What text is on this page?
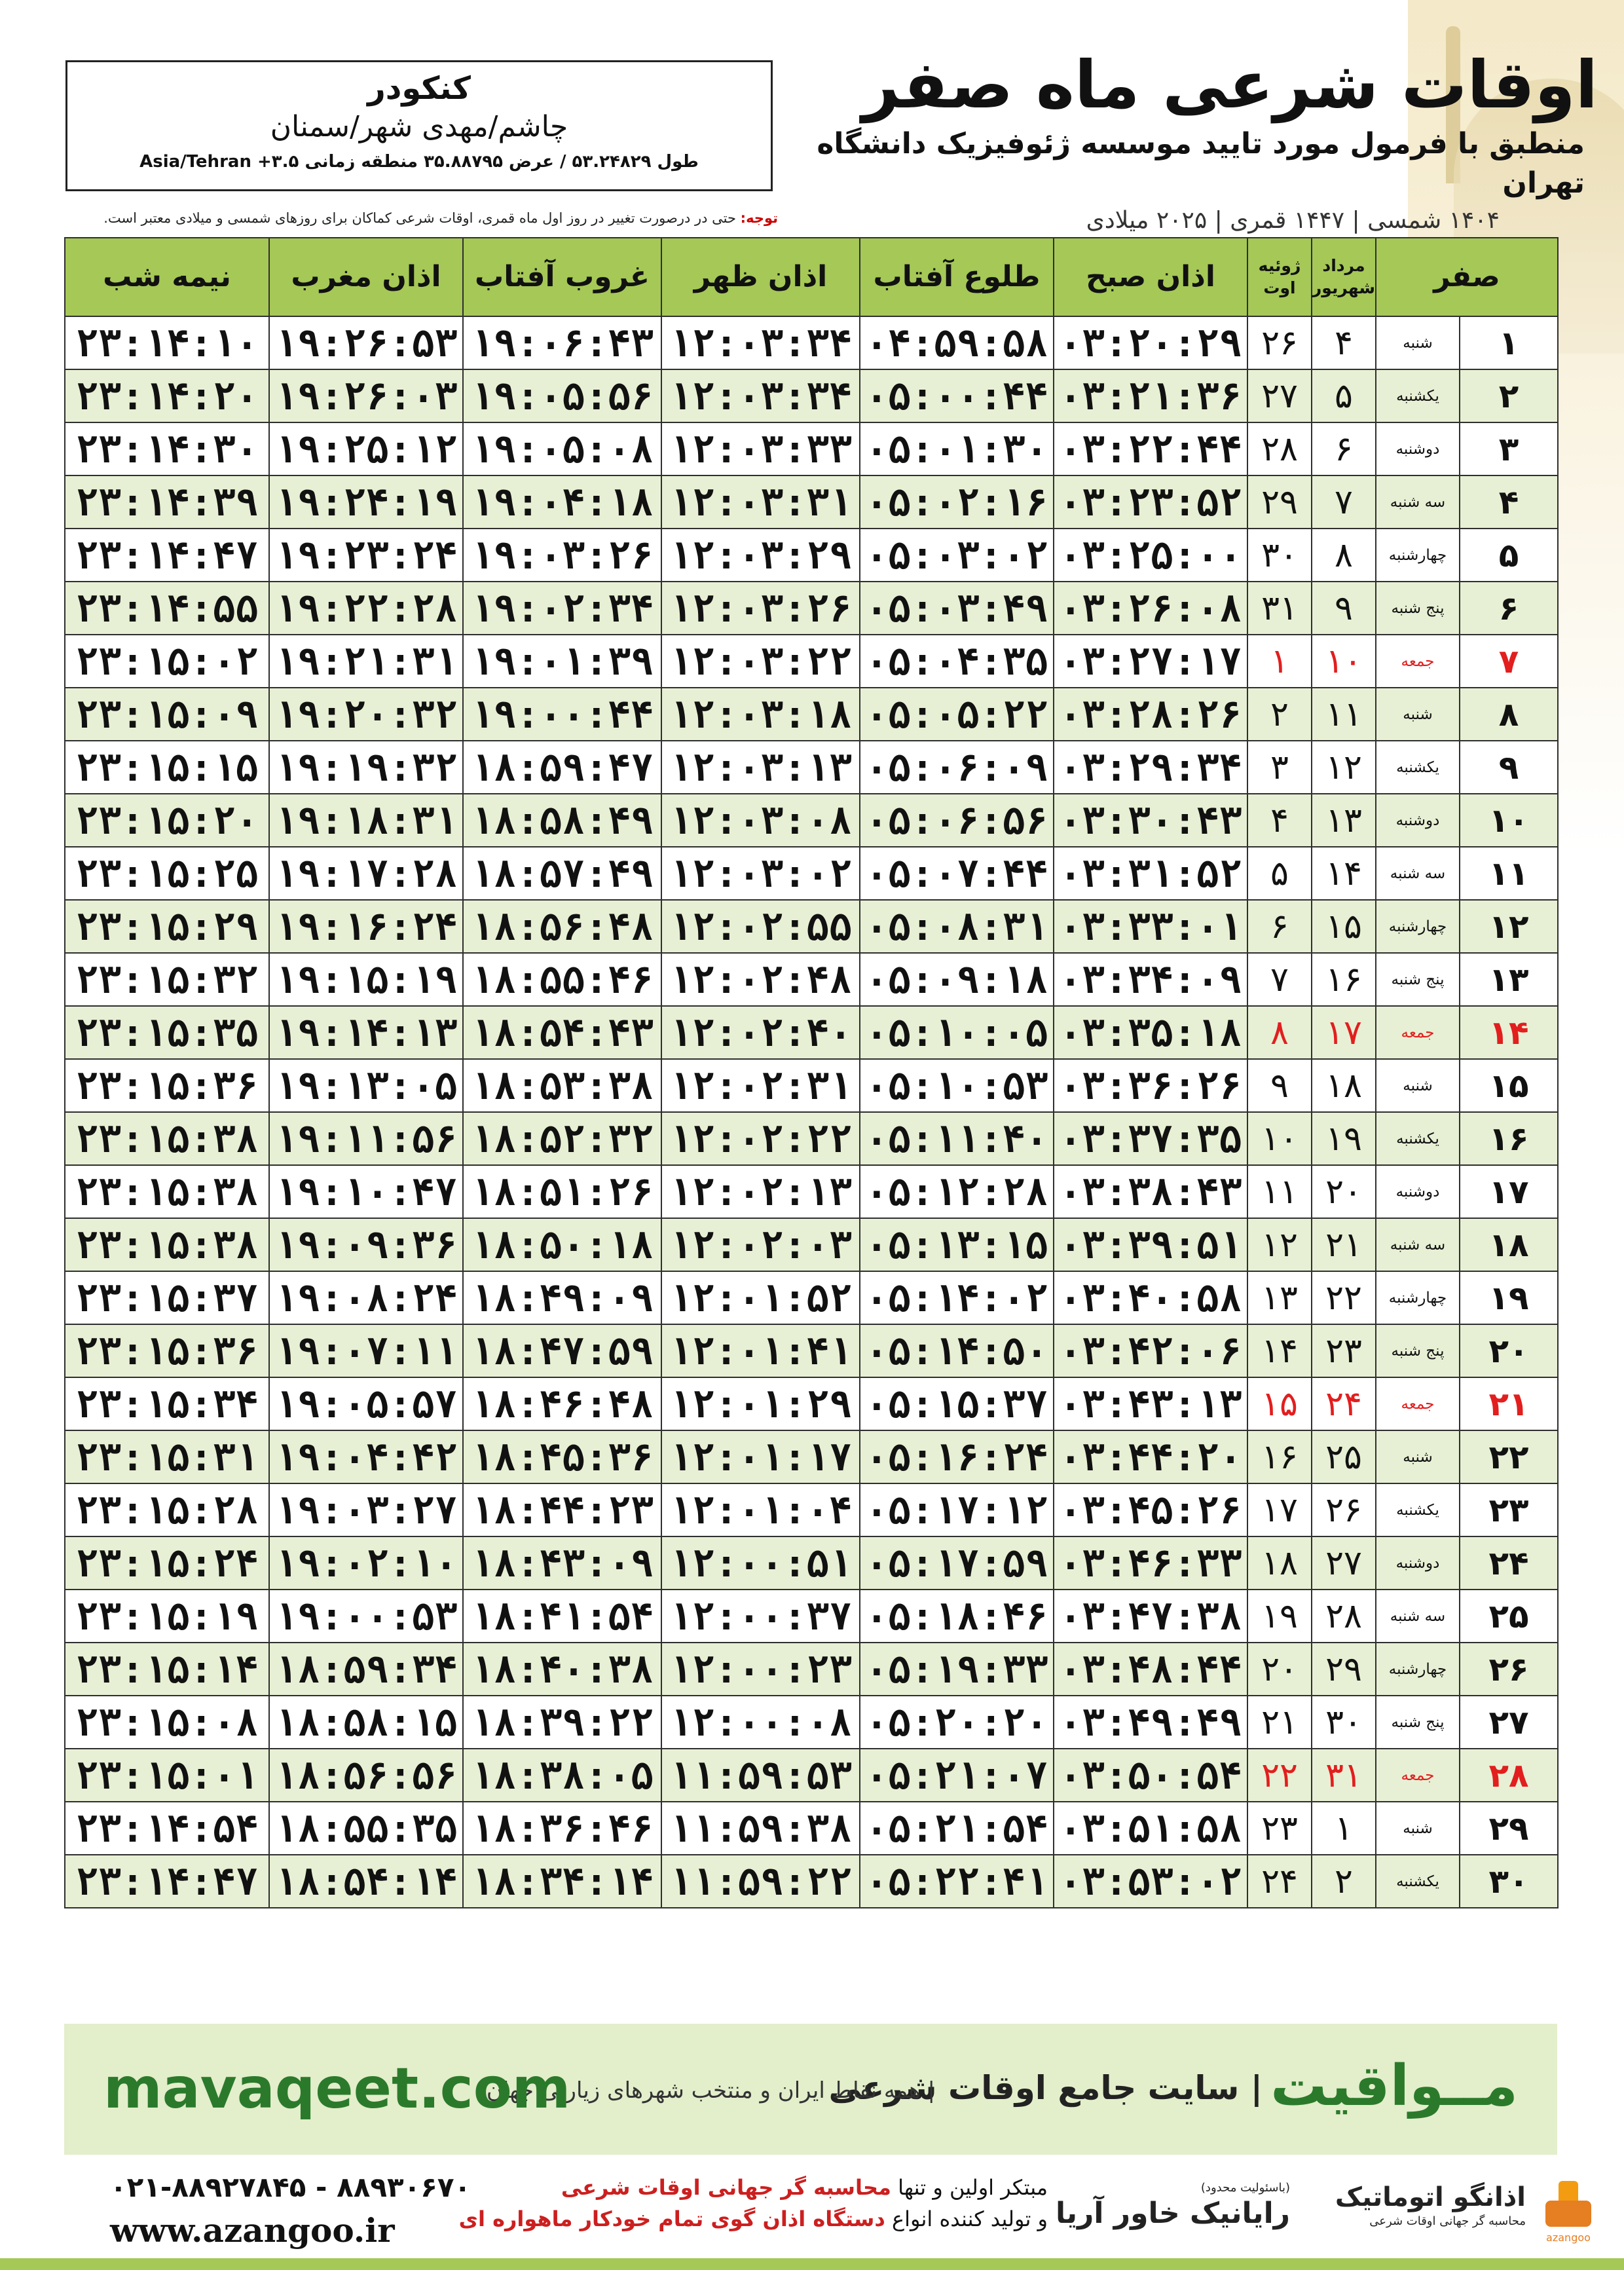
کنکودر
چاشم/مهدی شهر/سمنان
طول ۵۳.۲۴۸۲۹ / عرض ۳۵.۸۸۷۹۵ منطقه زمانی Asia/Tehran +۳.۵
اوقات شرعی ماه صفر
منطبق با فرمول مورد تایید موسسه ژئوفیزیک دانشگاه تهران
۱۴۰۴ شمسی | ۱۴۴۷ قمری | ۲۰۲۵ میلادی
توجه: حتی در درصورت تغییر در روز اول ماه قمری، اوقات شرعی کماکان برای روزهای شمسی و میلادی معتبر است.
صفر		مرداد شهریور	ژوئیه اوت	اذان صبح	طلوع آفتاب	اذان ظهر	غروب آفتاب	اذان مغرب	نیمه شب
۱	شنبه	۴	۲۶	۰۳:۲۰:۲۹	۰۴:۵۹:۵۸	۱۲:۰۳:۳۴	۱۹:۰۶:۴۳	۱۹:۲۶:۵۳	۲۳:۱۴:۱۰
۲	یکشنبه	۵	۲۷	۰۳:۲۱:۳۶	۰۵:۰۰:۴۴	۱۲:۰۳:۳۴	۱۹:۰۵:۵۶	۱۹:۲۶:۰۳	۲۳:۱۴:۲۰
۳	دوشنبه	۶	۲۸	۰۳:۲۲:۴۴	۰۵:۰۱:۳۰	۱۲:۰۳:۳۳	۱۹:۰۵:۰۸	۱۹:۲۵:۱۲	۲۳:۱۴:۳۰
۴	سه شنبه	۷	۲۹	۰۳:۲۳:۵۲	۰۵:۰۲:۱۶	۱۲:۰۳:۳۱	۱۹:۰۴:۱۸	۱۹:۲۴:۱۹	۲۳:۱۴:۳۹
۵	چهارشنبه	۸	۳۰	۰۳:۲۵:۰۰	۰۵:۰۳:۰۲	۱۲:۰۳:۲۹	۱۹:۰۳:۲۶	۱۹:۲۳:۲۴	۲۳:۱۴:۴۷
۶	پنج شنبه	۹	۳۱	۰۳:۲۶:۰۸	۰۵:۰۳:۴۹	۱۲:۰۳:۲۶	۱۹:۰۲:۳۴	۱۹:۲۲:۲۸	۲۳:۱۴:۵۵
۷	جمعه	۱۰	۱	۰۳:۲۷:۱۷	۰۵:۰۴:۳۵	۱۲:۰۳:۲۲	۱۹:۰۱:۳۹	۱۹:۲۱:۳۱	۲۳:۱۵:۰۲
۸	شنبه	۱۱	۲	۰۳:۲۸:۲۶	۰۵:۰۵:۲۲	۱۲:۰۳:۱۸	۱۹:۰۰:۴۴	۱۹:۲۰:۳۲	۲۳:۱۵:۰۹
۹	یکشنبه	۱۲	۳	۰۳:۲۹:۳۴	۰۵:۰۶:۰۹	۱۲:۰۳:۱۳	۱۸:۵۹:۴۷	۱۹:۱۹:۳۲	۲۳:۱۵:۱۵
۱۰	دوشنبه	۱۳	۴	۰۳:۳۰:۴۳	۰۵:۰۶:۵۶	۱۲:۰۳:۰۸	۱۸:۵۸:۴۹	۱۹:۱۸:۳۱	۲۳:۱۵:۲۰
۱۱	سه شنبه	۱۴	۵	۰۳:۳۱:۵۲	۰۵:۰۷:۴۴	۱۲:۰۳:۰۲	۱۸:۵۷:۴۹	۱۹:۱۷:۲۸	۲۳:۱۵:۲۵
۱۲	چهارشنبه	۱۵	۶	۰۳:۳۳:۰۱	۰۵:۰۸:۳۱	۱۲:۰۲:۵۵	۱۸:۵۶:۴۸	۱۹:۱۶:۲۴	۲۳:۱۵:۲۹
۱۳	پنج شنبه	۱۶	۷	۰۳:۳۴:۰۹	۰۵:۰۹:۱۸	۱۲:۰۲:۴۸	۱۸:۵۵:۴۶	۱۹:۱۵:۱۹	۲۳:۱۵:۳۲
۱۴	جمعه	۱۷	۸	۰۳:۳۵:۱۸	۰۵:۱۰:۰۵	۱۲:۰۲:۴۰	۱۸:۵۴:۴۳	۱۹:۱۴:۱۳	۲۳:۱۵:۳۵
۱۵	شنبه	۱۸	۹	۰۳:۳۶:۲۶	۰۵:۱۰:۵۳	۱۲:۰۲:۳۱	۱۸:۵۳:۳۸	۱۹:۱۳:۰۵	۲۳:۱۵:۳۶
۱۶	یکشنبه	۱۹	۱۰	۰۳:۳۷:۳۵	۰۵:۱۱:۴۰	۱۲:۰۲:۲۲	۱۸:۵۲:۳۲	۱۹:۱۱:۵۶	۲۳:۱۵:۳۸
۱۷	دوشنبه	۲۰	۱۱	۰۳:۳۸:۴۳	۰۵:۱۲:۲۸	۱۲:۰۲:۱۳	۱۸:۵۱:۲۶	۱۹:۱۰:۴۷	۲۳:۱۵:۳۸
۱۸	سه شنبه	۲۱	۱۲	۰۳:۳۹:۵۱	۰۵:۱۳:۱۵	۱۲:۰۲:۰۳	۱۸:۵۰:۱۸	۱۹:۰۹:۳۶	۲۳:۱۵:۳۸
۱۹	چهارشنبه	۲۲	۱۳	۰۳:۴۰:۵۸	۰۵:۱۴:۰۲	۱۲:۰۱:۵۲	۱۸:۴۹:۰۹	۱۹:۰۸:۲۴	۲۳:۱۵:۳۷
۲۰	پنج شنبه	۲۳	۱۴	۰۳:۴۲:۰۶	۰۵:۱۴:۵۰	۱۲:۰۱:۴۱	۱۸:۴۷:۵۹	۱۹:۰۷:۱۱	۲۳:۱۵:۳۶
۲۱	جمعه	۲۴	۱۵	۰۳:۴۳:۱۳	۰۵:۱۵:۳۷	۱۲:۰۱:۲۹	۱۸:۴۶:۴۸	۱۹:۰۵:۵۷	۲۳:۱۵:۳۴
۲۲	شنبه	۲۵	۱۶	۰۳:۴۴:۲۰	۰۵:۱۶:۲۴	۱۲:۰۱:۱۷	۱۸:۴۵:۳۶	۱۹:۰۴:۴۲	۲۳:۱۵:۳۱
۲۳	یکشنبه	۲۶	۱۷	۰۳:۴۵:۲۶	۰۵:۱۷:۱۲	۱۲:۰۱:۰۴	۱۸:۴۴:۲۳	۱۹:۰۳:۲۷	۲۳:۱۵:۲۸
۲۴	دوشنبه	۲۷	۱۸	۰۳:۴۶:۳۳	۰۵:۱۷:۵۹	۱۲:۰۰:۵۱	۱۸:۴۳:۰۹	۱۹:۰۲:۱۰	۲۳:۱۵:۲۴
۲۵	سه شنبه	۲۸	۱۹	۰۳:۴۷:۳۸	۰۵:۱۸:۴۶	۱۲:۰۰:۳۷	۱۸:۴۱:۵۴	۱۹:۰۰:۵۳	۲۳:۱۵:۱۹
۲۶	چهارشنبه	۲۹	۲۰	۰۳:۴۸:۴۴	۰۵:۱۹:۳۳	۱۲:۰۰:۲۳	۱۸:۴۰:۳۸	۱۸:۵۹:۳۴	۲۳:۱۵:۱۴
۲۷	پنج شنبه	۳۰	۲۱	۰۳:۴۹:۴۹	۰۵:۲۰:۲۰	۱۲:۰۰:۰۸	۱۸:۳۹:۲۲	۱۸:۵۸:۱۵	۲۳:۱۵:۰۸
۲۸	جمعه	۳۱	۲۲	۰۳:۵۰:۵۴	۰۵:۲۱:۰۷	۱۱:۵۹:۵۳	۱۸:۳۸:۰۵	۱۸:۵۶:۵۶	۲۳:۱۵:۰۱
۲۹	شنبه	۱	۲۳	۰۳:۵۱:۵۸	۰۵:۲۱:۵۴	۱۱:۵۹:۳۸	۱۸:۳۶:۴۶	۱۸:۵۵:۳۵	۲۳:۱۴:۵۴
۳۰	یکشنبه	۲	۲۴	۰۳:۵۳:۰۲	۰۵:۲۲:۴۱	۱۱:۵۹:۲۲	۱۸:۳۴:۱۴	۱۸:۵۴:۱۴	۲۳:۱۴:۴۷
مــواقیت
| سایت جامع اوقات شرعی
| همه نقاط ایران و منتخب شهرهای زیارتی جهان
mavaqeet.com
۰۲۱-۸۸۹۲۷۸۴۵ - ۸۸۹۳۰۶۷۰
www.azangoo.ir
مبتکر اولین و تنها محاسبه گر جهانی اوقات شرعی
و تولید کننده انواع دستگاه اذان گوی تمام خودکار ماهواره ای
(باسئولیت محدود)
رایانیک خاور آریا اذانگو اتوماتیک
محاسبه گر جهانی اوقات شرعی
azangoo
